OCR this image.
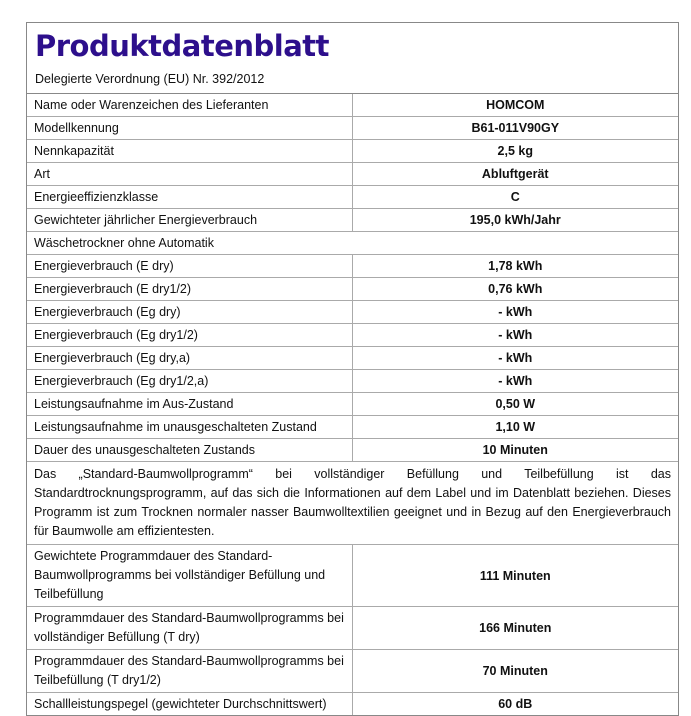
Produktdatenblatt
Delegierte Verordnung (EU) Nr. 392/2012
Name oder Warenzeichen des Lieferanten	HOMCOM
Modellkennung	B61-011V90GY
Nennkapazität	2,5 kg
Art	Abluftgerät
Energieeffizienzklasse	C
Gewichteter jährlicher Energieverbrauch	195,0 kWh/Jahr
Wäschetrockner ohne Automatik	
Energieverbrauch (E dry)	1,78 kWh
Energieverbrauch (E dry1/2)	0,76 kWh
Energieverbrauch (Eg dry)	- kWh
Energieverbrauch (Eg dry1/2)	- kWh
Energieverbrauch (Eg dry,a)	- kWh
Energieverbrauch (Eg dry1/2,a)	- kWh
Leistungsaufnahme im Aus-Zustand	0,50 W
Leistungsaufnahme im unausgeschalteten Zustand	1,10 W
Dauer des unausgeschalteten Zustands	10 Minuten
Das „Standard-Baumwollprogramm“ bei vollständiger Befüllung und Teilbefüllung ist das Standardtrocknungsprogramm, auf das sich die Informationen auf dem Label und im Datenblatt beziehen. Dieses Programm ist zum Trocknen normaler nasser Baumwolltextilien geeignet und in Bezug auf den Energieverbrauch für Baumwolle am effizientesten.	
Gewichtete Programmdauer des Standard-Baumwollprogramms bei vollständiger Befüllung und Teilbefüllung	111 Minuten
Programmdauer des Standard-Baumwollprogramms bei vollständiger Befüllung (T dry)	166 Minuten
Programmdauer des Standard-Baumwollprogramms bei Teilbefüllung (T dry1/2)	70 Minuten
Schallleistungspegel (gewichteter Durchschnittswert)	60 dB
